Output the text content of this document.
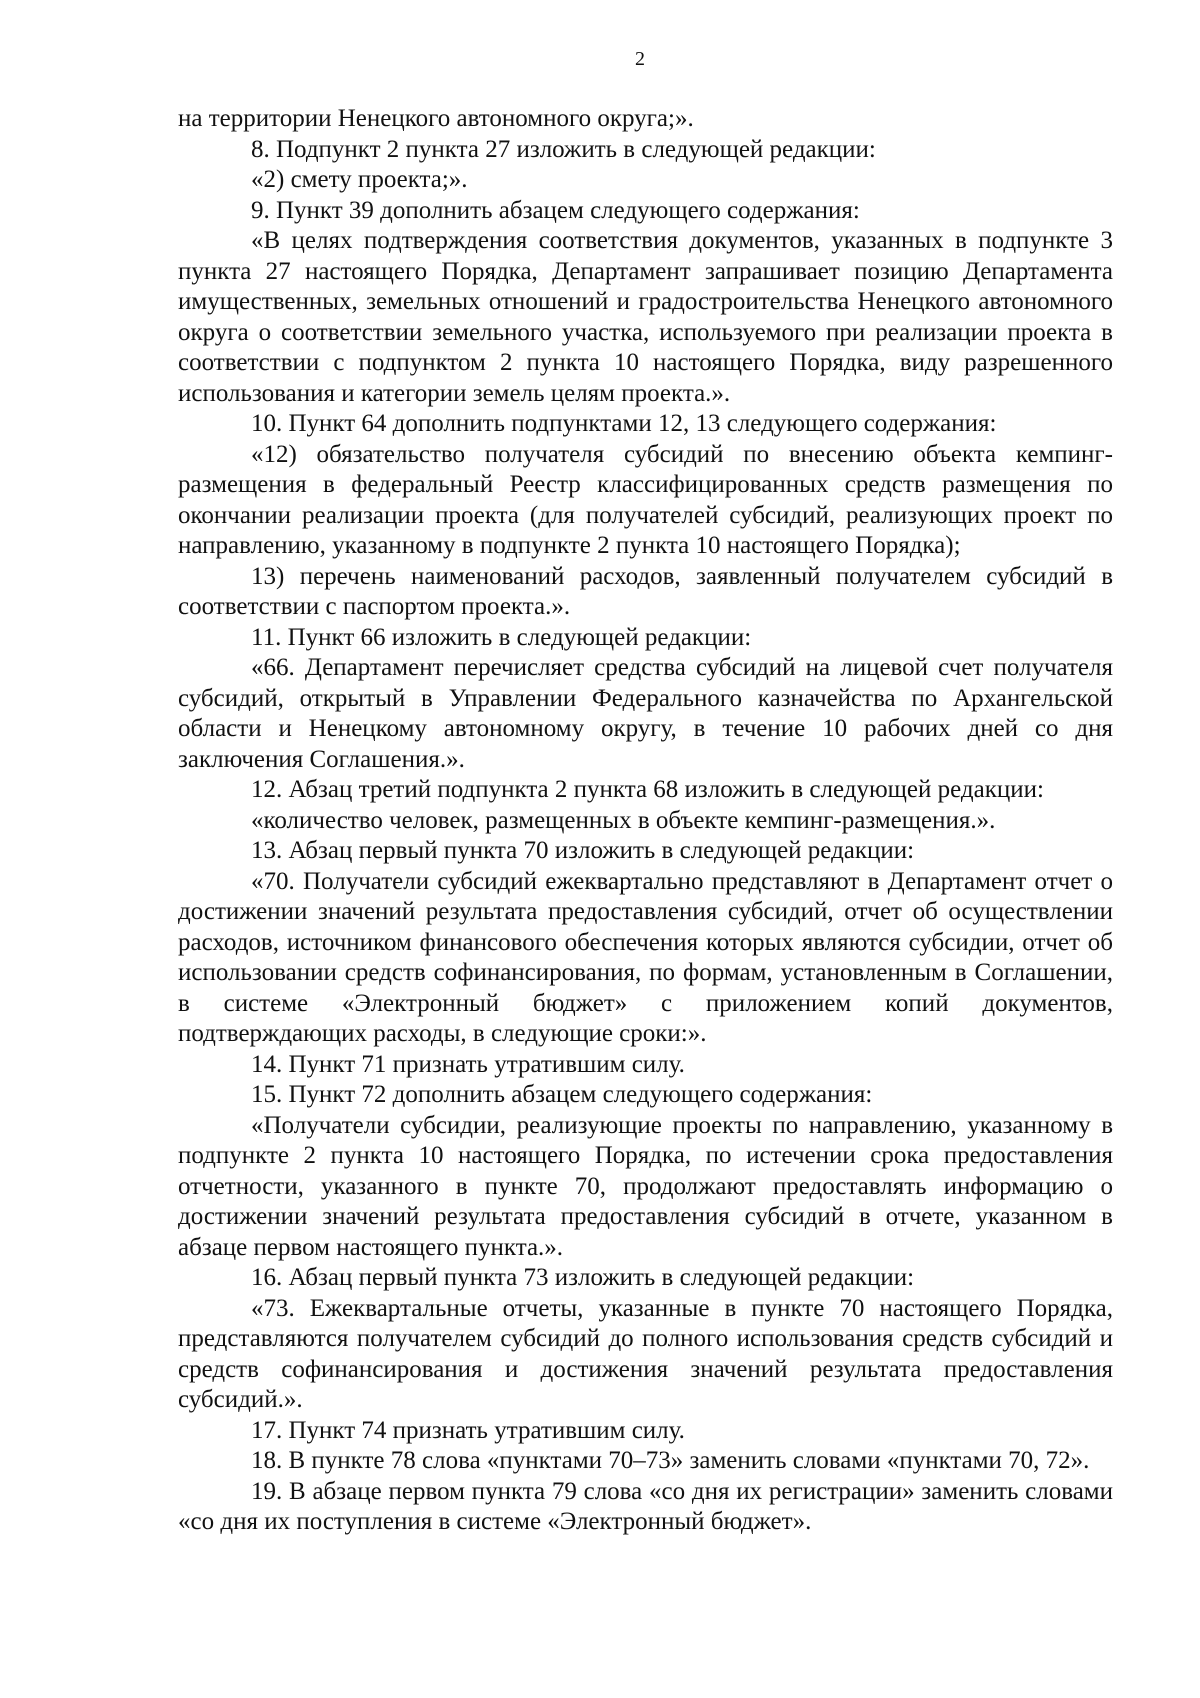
2

на территории Ненецкого автономного округа;».

8. Подпункт 2 пункта 27 изложить в следующей редакции:

«2) смету проекта;».

9. Пункт 39 дополнить абзацем следующего содержания:

«В целях подтверждения соответствия документов, указанных в подпункте 3 пункта 27 настоящего Порядка, Департамент запрашивает позицию Департамента имущественных, земельных отношений и градостроительства Ненецкого автономного округа о соответствии земельного участка, используемого при реализации проекта в соответствии с подпунктом 2 пункта 10 настоящего Порядка, виду разрешенного использования и категории земель целям проекта.».

10. Пункт 64 дополнить подпунктами 12, 13 следующего содержания:

«12) обязательство получателя субсидий по внесению объекта кемпинг-размещения в федеральный Реестр классифицированных средств размещения по окончании реализации проекта (для получателей субсидий, реализующих проект по направлению, указанному в подпункте 2 пункта 10 настоящего Порядка);

13) перечень наименований расходов, заявленный получателем субсидий в соответствии с паспортом проекта.».

11. Пункт 66 изложить в следующей редакции:

«66. Департамент перечисляет средства субсидий на лицевой счет получателя субсидий, открытый в Управлении Федерального казначейства по Архангельской области и Ненецкому автономному округу, в течение 10 рабочих дней со дня заключения Соглашения.».

12. Абзац третий подпункта 2 пункта 68 изложить в следующей редакции:

«количество человек, размещенных в объекте кемпинг-размещения.».

13. Абзац первый пункта 70 изложить в следующей редакции:

«70. Получатели субсидий ежеквартально представляют в Департамент отчет о достижении значений результата предоставления субсидий, отчет об осуществлении расходов, источником финансового обеспечения которых являются субсидии, отчет об использовании средств софинансирования, по формам, установленным в Соглашении, в системе «Электронный бюджет» с приложением копий документов, подтверждающих расходы, в следующие сроки:».

14. Пункт 71 признать утратившим силу.

15. Пункт 72 дополнить абзацем следующего содержания:

«Получатели субсидии, реализующие проекты по направлению, указанному в подпункте 2 пункта 10 настоящего Порядка, по истечении срока предоставления отчетности, указанного в пункте 70, продолжают предоставлять информацию о достижении значений результата предоставления субсидий в отчете, указанном в абзаце первом настоящего пункта.».

16. Абзац первый пункта 73 изложить в следующей редакции:

«73. Ежеквартальные отчеты, указанные в пункте 70 настоящего Порядка, представляются получателем субсидий до полного использования средств субсидий и средств софинансирования и достижения значений результата предоставления субсидий.».

17. Пункт 74 признать утратившим силу.

18. В пункте 78 слова «пунктами 70–73» заменить словами «пунктами 70, 72».

19. В абзаце первом пункта 79 слова «со дня их регистрации» заменить словами «со дня их поступления в системе «Электронный бюджет».
